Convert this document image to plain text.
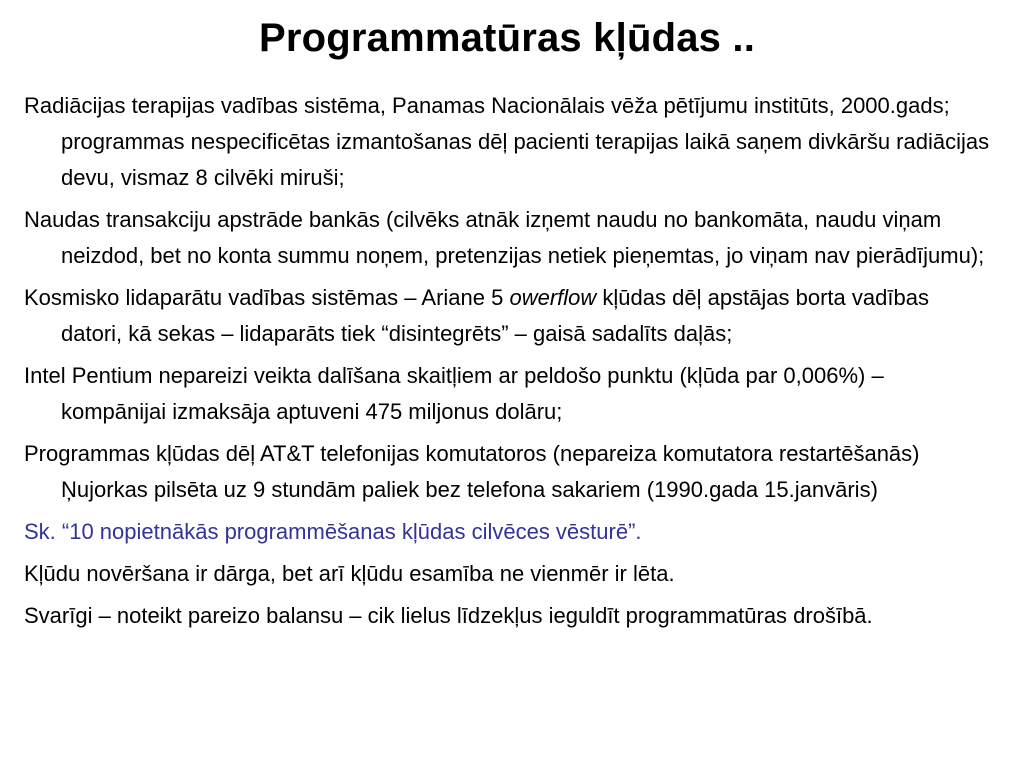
Programmatūras kļūdas ..
Radiācijas terapijas vadības sistēma, Panamas Nacionālais vēža pētījumu institūts, 2000.gads; programmas nespecificētas izmantošanas dēļ pacienti terapijas laikā saņem divkāršu radiācijas devu, vismaz 8 cilvēki miruši;
Naudas transakciju apstrāde bankās (cilvēks atnāk izņemt naudu no bankomāta, naudu viņam neizdod, bet no konta summu noņem, pretenzijas netiek pieņemtas, jo viņam nav pierādījumu);
Kosmisko lidaparātu vadības sistēmas – Ariane 5 owerflow kļūdas dēļ apstājas borta vadības datori, kā sekas – lidaparāts tiek “disintegrēts” – gaisā sadalīts daļās;
Intel Pentium nepareizi veikta dalīšana skaitļiem ar peldošo punktu (kļūda par 0,006%) – kompānijai izmaksāja aptuveni 475 miljonus dolāru;
Programmas kļūdas dēļ AT&T telefonijas komutatoros (nepareiza komutatora restartēšanās) Ņujorkas pilsēta uz 9 stundām paliek bez telefona sakariem (1990.gada 15.janvāris)
Sk. “10 nopietnākās programmēšanas kļūdas cilvēces vēsturē”.
Kļūdu novēršana ir dārga, bet arī kļūdu esamība ne vienmēr ir lēta.
Svarīgi – noteikt pareizo balansu – cik lielus līdzekļus ieguldīt programmatūras drošībā.
